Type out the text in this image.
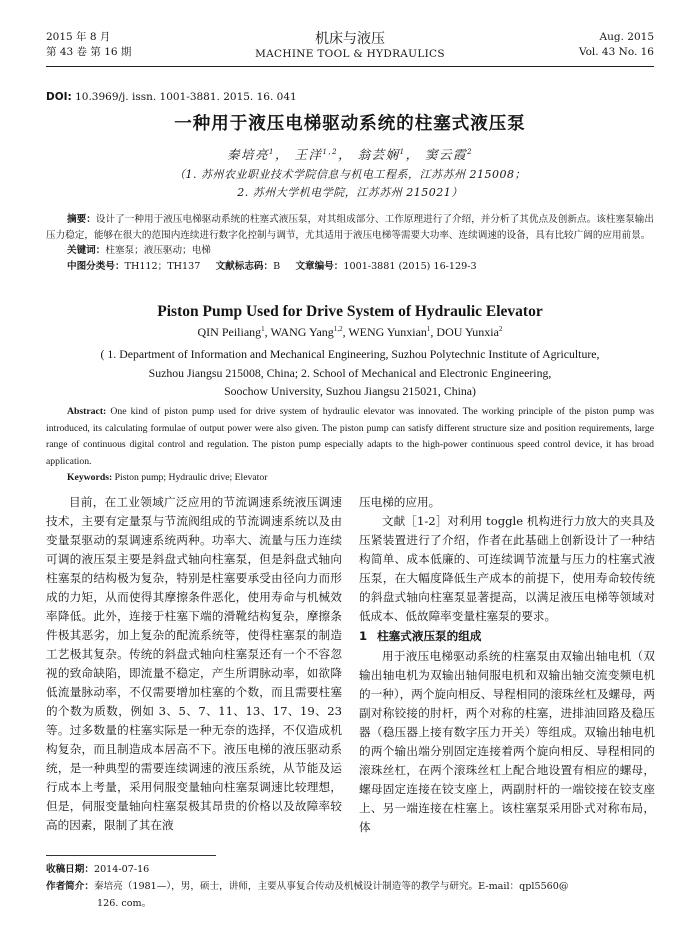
2015 年 8 月
第 43 卷 第 16 期
机床与液压
MACHINE TOOL & HYDRAULICS
Aug. 2015
Vol. 43 No. 16
DOI: 10.3969/j. issn. 1001-3881. 2015. 16. 041
一种用于液压电梯驱动系统的柱塞式液压泵
秦培亮$^1$， 王洋$^{1,2}$， 翁芸娴$^1$， 窦云霞$^2$
（1. 苏州农业职业技术学院信息与机电工程系，江苏苏州 215008；
2. 苏州大学机电学院，江苏苏州 215021）
摘要：设计了一种用于液压电梯驱动系统的柱塞式液压泵，对其组成部分、工作原理进行了介绍，并分析了其优点及创新点。该柱塞泵输出压力稳定，能够在很大的范围内连续进行数字化控制与调节，尤其适用于液压电梯等需要大功率、连续调速的设备，具有比较广阔的应用前景。
关键词：柱塞泵；液压驱动；电梯
中图分类号：TH112；TH137 文献标志码：B 文章编号：1001-3881 (2015) 16-129-3
Piston Pump Used for Drive System of Hydraulic Elevator
QIN Peiliang$^1$, WANG Yang$^{1,2}$, WENG Yunxian$^1$, DOU Yunxia$^2$
( 1. Department of Information and Mechanical Engineering, Suzhou Polytechnic Institute of Agriculture,
Suzhou Jiangsu 215008, China; 2. School of Mechanical and Electronic Engineering,
Soochow University, Suzhou Jiangsu 215021, China)
Abstract: One kind of piston pump used for drive system of hydraulic elevator was innovated. The working principle of the piston pump was introduced, its calculating formulae of output power were also given. The piston pump can satisfy different structure size and position requirements, large range of continuous digital control and regulation. The piston pump especially adapts to the high-power continuous speed control device, it has broad application.
Keywords: Piston pump; Hydraulic drive; Elevator

目前，在工业领域广泛应用的节流调速系统液压调速技术，主要有定量泵与节流阀组成的节流调速系统以及由变量泵驱动的泵调速系统两种。功率大、流量与压力连续可调的液压泵主要是斜盘式轴向柱塞泵，但是斜盘式轴向柱塞泵的结构极为复杂，特别是柱塞要承受由径向力而形成的力矩，从而使得其摩擦条件恶化，使用寿命与机械效率降低。此外，连接于柱塞下端的滑靴结构复杂，摩擦条件极其恶劣，加上复杂的配流系统等，使得柱塞泵的制造工艺极其复杂。传统的斜盘式轴向柱塞泵还有一个不容忽视的致命缺陷，即流量不稳定，产生所谓脉动率，如欲降低流量脉动率，不仅需要增加柱塞的个数，而且需要柱塞的个数为质数，例如 3、5、7、11、13、17、19、23 等。过多数量的柱塞实际是一种无奈的选择，不仅造成机构复杂，而且制造成本居高不下。液压电梯的液压驱动系统，是一种典型的需要连续调速的液压系统，从节能及运行成本上考量，采用伺服变量轴向柱塞泵调速比较理想，但是，伺服变量轴向柱塞泵极其昂贵的价格以及故障率较高的因素，限制了其在液

压电梯的应用。

文献［1-2］对利用 toggle 机构进行力放大的夹具及压紧装置进行了介绍，作者在此基础上创新设计了一种结构简单、成本低廉的、可连续调节流量与压力的柱塞式液压泵，在大幅度降低生产成本的前提下，使用寿命较传统的斜盘式轴向柱塞泵显著提高，以满足液压电梯等领域对低成本、低故障率变量柱塞泵的要求。

1 柱塞式液压泵的组成

用于液压电梯驱动系统的柱塞泵由双输出轴电机（双输出轴电机为双输出轴伺服电机和双输出轴交流变频电机的一种），两个旋向相反、导程相同的滚珠丝杠及螺母，两副对称铰接的肘杆，两个对称的柱塞，进排油回路及稳压器（稳压器上接有数字压力开关）等组成。双输出轴电机的两个输出端分别固定连接着两个旋向相反、导程相同的滚珠丝杠，在两个滚珠丝杠上配合地设置有相应的螺母，螺母固定连接在铰支座上，两副肘杆的一端铰接在铰支座上、另一端连接在柱塞上。该柱塞泵采用卧式对称布局，体

收稿日期：2014-07-16
作者简介：秦培亮（1981—），男，硕士，讲师，主要从事复合传动及机械设计制造等的教学与研究。E-mail：qpl5560@
126. com。
